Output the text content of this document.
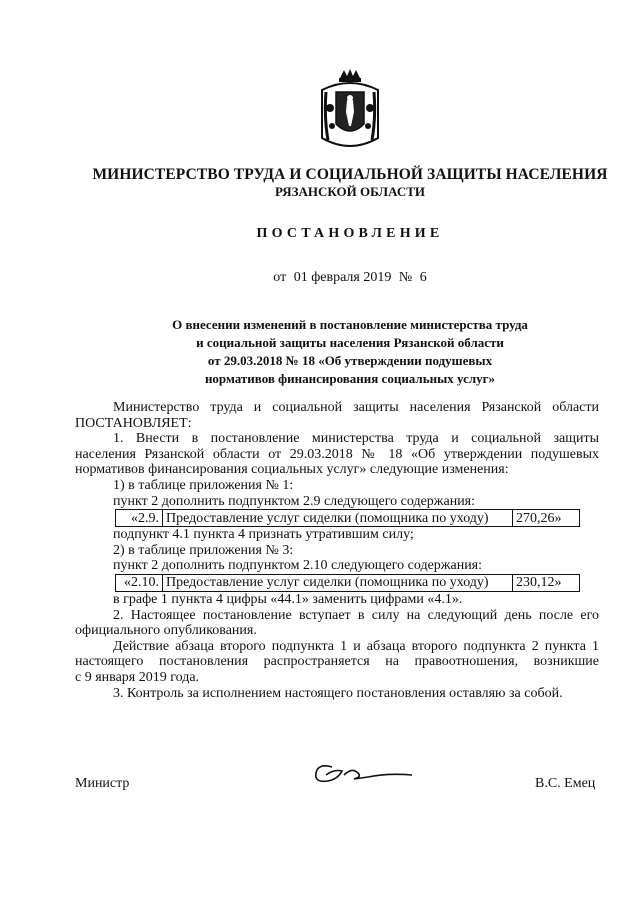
МИНИСТЕРСТВО ТРУДА И СОЦИАЛЬНОЙ ЗАЩИТЫ НАСЕЛЕНИЯ
РЯЗАНСКОЙ ОБЛАСТИ
ПОСТАНОВЛЕНИЕ
от 01 февраля 2019 № 6
О внесении изменений в постановление министерства труда
и социальной защиты населения Рязанской области
от 29.03.2018 № 18 «Об утверждении подушевых
нормативов финансирования социальных услуг»

Министерство труда и социальной защиты населения Рязанской области

ПОСТАНОВЛЯЕТ:

1. Внести в постановление министерства труда и социальной защиты

населения Рязанской области от 29.03.2018 № 18 «Об утверждении подушевых

нормативов финансирования социальных услуг» следующие изменения:

1) в таблице приложения № 1:

пункт 2 дополнить подпунктом 2.9 следующего содержания:

«2.9.	Предоставление услуг сиделки (помощника по уходу)	270,26»

подпункт 4.1 пункта 4 признать утратившим силу;

2) в таблице приложения № 3:

пункт 2 дополнить подпунктом 2.10 следующего содержания:

«2.10.	Предоставление услуг сиделки (помощника по уходу)	230,12»

в графе 1 пункта 4 цифры «44.1» заменить цифрами «4.1».

2. Настоящее постановление вступает в силу на следующий день после его

официального опубликования.

Действие абзаца второго подпункта 1 и абзаца второго подпункта 2 пункта 1

настоящего постановления распространяется на правоотношения, возникшие

с 9 января 2019 года.

3. Контроль за исполнением настоящего постановления оставляю за собой.

Министр	В.С. Емец
